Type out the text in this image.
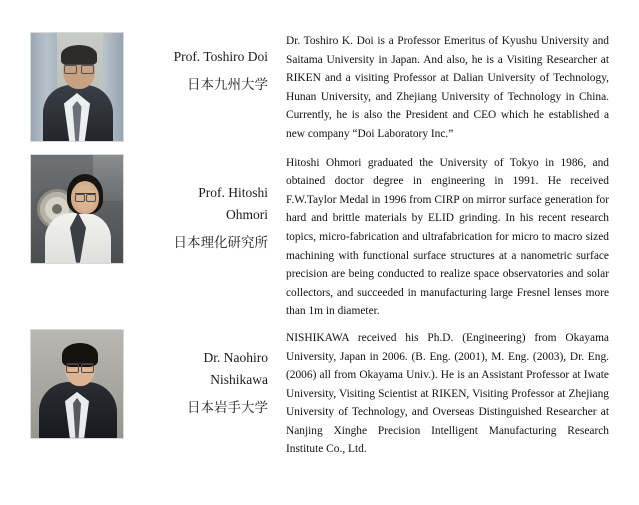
Prof. Toshiro Doi
日本九州大学

Dr. Toshiro K. Doi is a Professor Emeritus of Kyushu University and Saitama University in Japan. And also, he is a Visiting Researcher at RIKEN and a visiting Professor at Dalian University of Technology, Hunan University, and Zhejiang University of Technology in China. Currently, he is also the President and CEO which he established a new company “Doi Laboratory Inc.”

Prof. Hitoshi
Ohmori
日本理化研究所

Hitoshi Ohmori graduated the University of Tokyo in 1986, and obtained doctor degree in engineering in 1991. He received F.W.Taylor Medal in 1996 from CIRP on mirror surface generation for hard and brittle materials by ELID grinding. In his recent research topics, micro-fabrication and ultrafabrication for micro to macro sized machining with functional surface structures at a nanometric surface precision are being conducted to realize space observatories and solar collectors, and succeeded in manufacturing large Fresnel lenses more than 1m in diameter.

Dr. Naohiro
Nishikawa
日本岩手大学

NISHIKAWA received his Ph.D. (Engineering) from Okayama University, Japan in 2006. (B. Eng. (2001), M. Eng. (2003), Dr. Eng. (2006) all from Okayama Univ.). He is an Assistant Professor at Iwate University, Visiting Scientist at RIKEN, Visiting Professor at Zhejiang University of Technology, and Overseas Distinguished Researcher at Nanjing Xinghe Precision Intelligent Manufacturing Research Institute Co., Ltd.
